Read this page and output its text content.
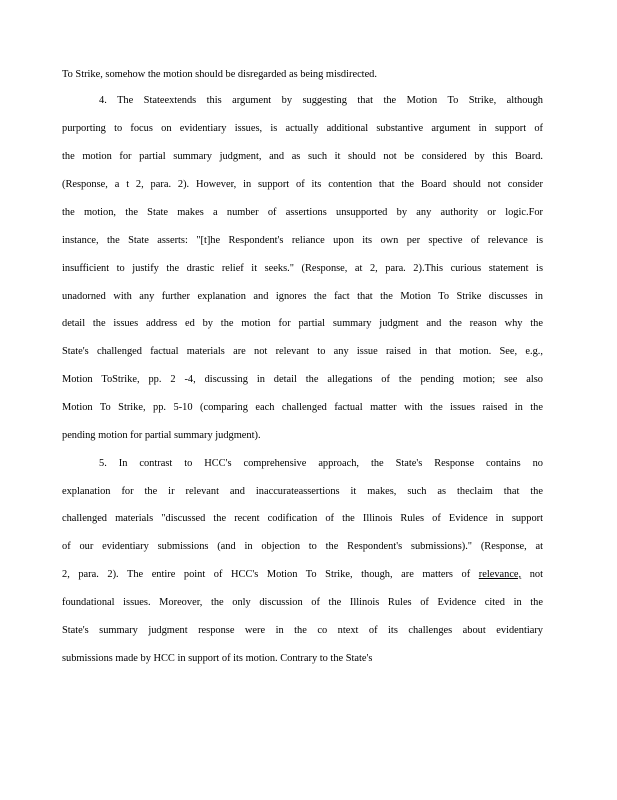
To Strike, somehow the motion should be disregarded as being misdirected.
4. The Stateextends this argument by suggesting that the Motion To Strike, although
purporting to focus on evidentiary issues, is actually additional substantive argument in support of
the motion for partial summary judgment, and as such it should not be considered by this Board.
(Response, a t 2, para. 2). However, in support of its contention that the Board should not consider
the motion, the State makes a number of assertions unsupported by any authority or logic.For
instance, the State asserts: "[t]he Respondent's reliance upon its own per spective of relevance is
insufficient to justify the drastic relief it seeks." (Response, at 2, para. 2).This curious statement is
unadorned with any further explanation and ignores the fact that the Motion To Strike discusses in
detail the issues address ed by the motion for partial summary judgment and the reason why the
State's challenged factual materials are not relevant to any issue raised in that motion. See, e.g.,
Motion ToStrike, pp. 2 -4, discussing in detail the allegations of the pending motion; see also
Motion To Strike, pp. 5-10 (comparing each challenged factual matter with the issues raised in the
pending motion for partial summary judgment).
5. In contrast to HCC's comprehensive approach, the State's Response contains no
explanation for the ir relevant and inaccurateassertions it makes, such as theclaim that the
challenged materials "discussed the recent codification of the Illinois Rules of Evidence in support
of our evidentiary submissions (and in objection to the Respondent's submissions)." (Response, at
2, para. 2). The entire point of HCC's Motion To Strike, though, are matters of relevance, not
foundational issues. Moreover, the only discussion of the Illinois Rules of Evidence cited in the
State's summary judgment response were in the co ntext of its challenges about evidentiary
submissions made by HCC in support of its motion. Contrary to the State's
